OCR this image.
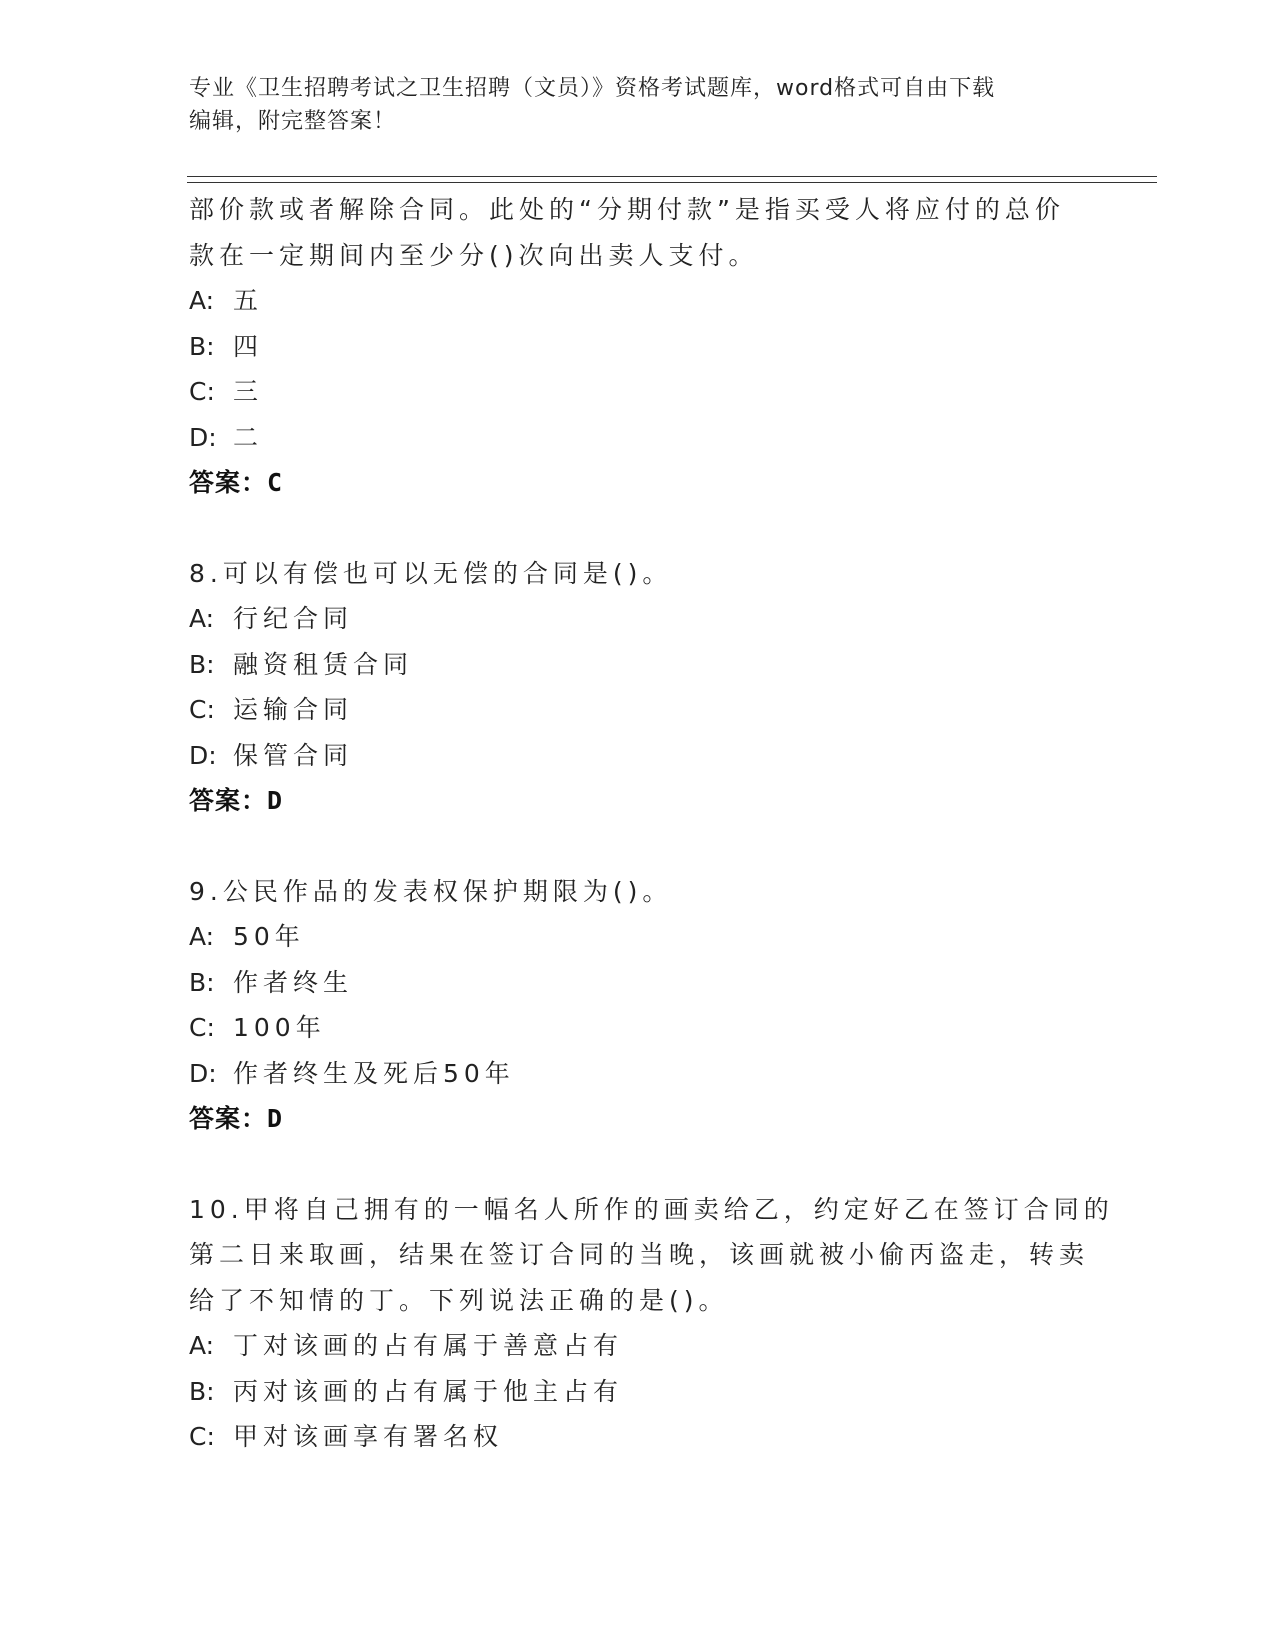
专业《卫生招聘考试之卫生招聘（文员）》资格考试题库，word格式可自由下载
编辑，附完整答案！
部价款或者解除合同。此处的“分期付款”是指买受人将应付的总价
款在一定期间内至少分()次向出卖人支付。
A: 五
B: 四
C: 三
D: 二
答案：C
8.可以有偿也可以无偿的合同是()。
A: 行纪合同
B: 融资租赁合同
C: 运输合同
D: 保管合同
答案：D
9.公民作品的发表权保护期限为()。
A: 50年
B: 作者终生
C: 100年
D: 作者终生及死后50年
答案：D
10.甲将自己拥有的一幅名人所作的画卖给乙，约定好乙在签订合同的
第二日来取画，结果在签订合同的当晚，该画就被小偷丙盗走，转卖
给了不知情的丁。下列说法正确的是()。
A: 丁对该画的占有属于善意占有
B: 丙对该画的占有属于他主占有
C: 甲对该画享有署名权
